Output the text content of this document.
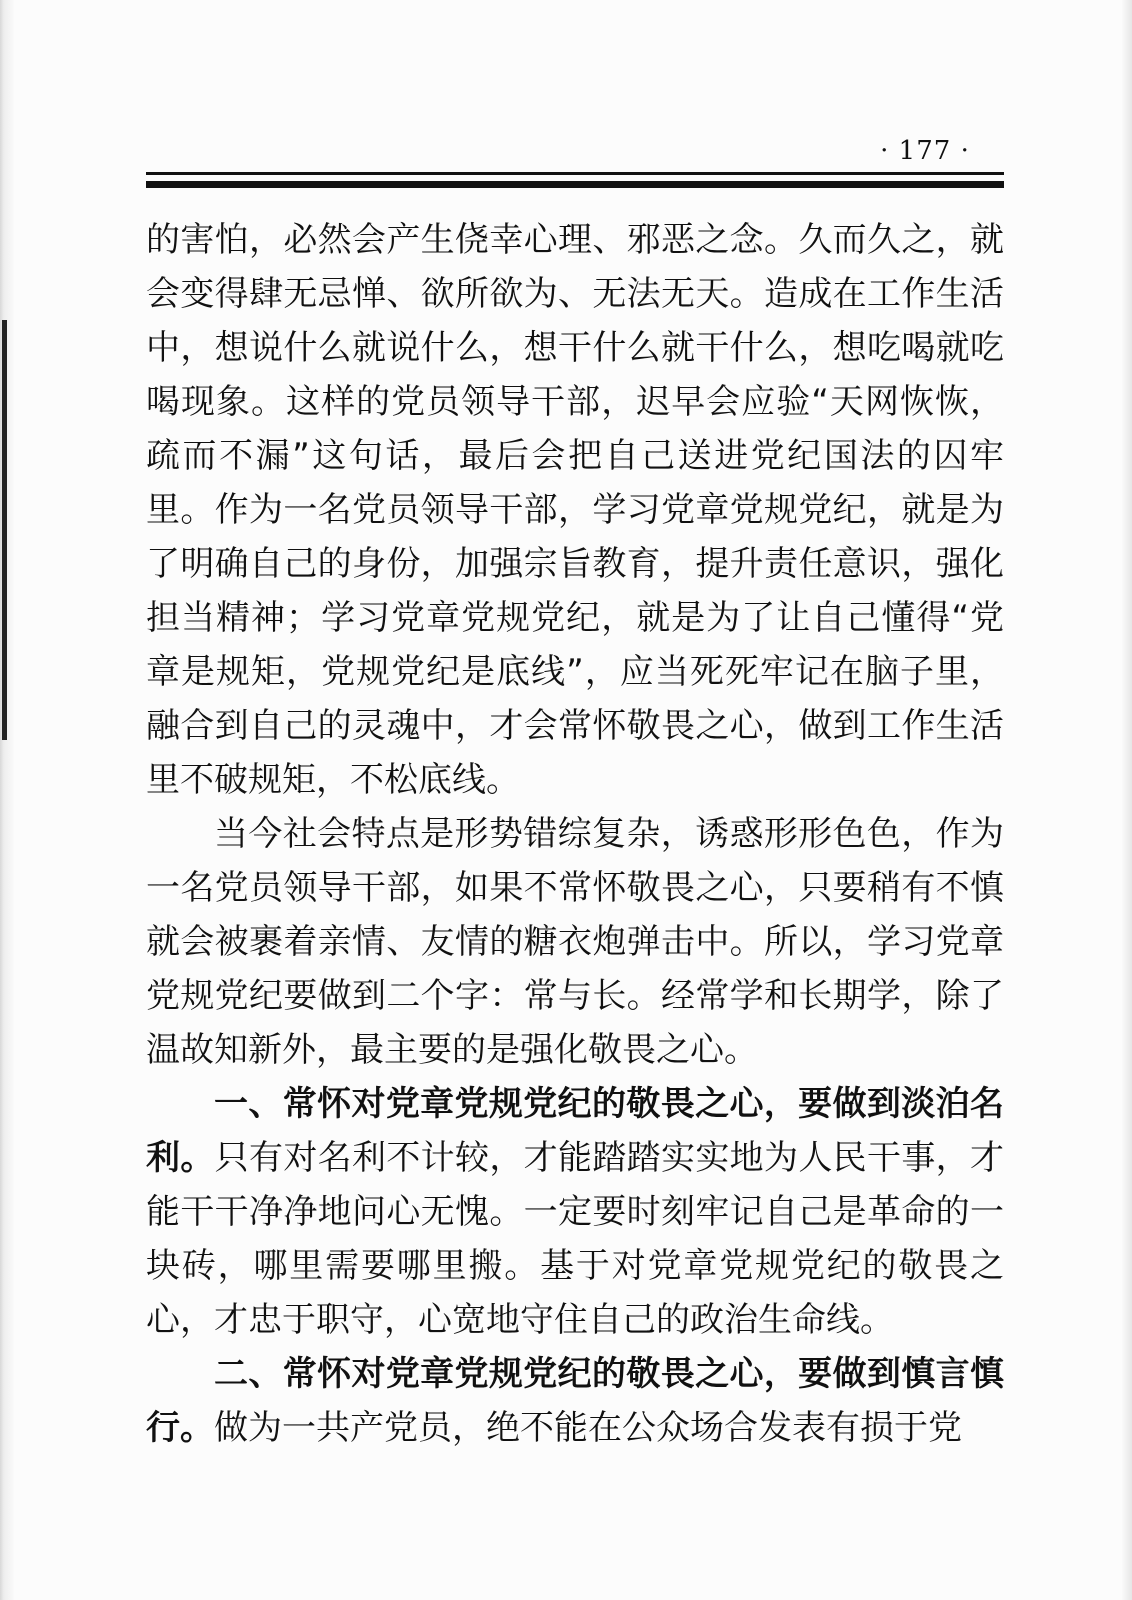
· 177 ·

的害怕，必然会产生侥幸心理、邪恶之念。久而久之，就会变得肆无忌惮、欲所欲为、无法无天。造成在工作生活中，想说什么就说什么，想干什么就干什么，想吃喝就吃喝现象。这样的党员领导干部，迟早会应验“天网恢恢，疏而不漏”这句话，最后会把自己送进党纪国法的囚牢里。作为一名党员领导干部，学习党章党规党纪，就是为了明确自己的身份，加强宗旨教育，提升责任意识，强化担当精神；学习党章党规党纪，就是为了让自己懂得“党章是规矩，党规党纪是底线”，应当死死牢记在脑子里，融合到自己的灵魂中，才会常怀敬畏之心，做到工作生活里不破规矩，不松底线。

当今社会特点是形势错综复杂，诱惑形形色色，作为一名党员领导干部，如果不常怀敬畏之心，只要稍有不慎就会被裹着亲情、友情的糖衣炮弹击中。所以，学习党章党规党纪要做到二个字：常与长。经常学和长期学，除了温故知新外，最主要的是强化敬畏之心。

一、常怀对党章党规党纪的敬畏之心，要做到淡泊名利。只有对名利不计较，才能踏踏实实地为人民干事，才能干干净净地问心无愧。一定要时刻牢记自己是革命的一块砖，哪里需要哪里搬。基于对党章党规党纪的敬畏之心，才忠于职守，心宽地守住自己的政治生命线。

二、常怀对党章党规党纪的敬畏之心，要做到慎言慎行。做为一共产党员，绝不能在公众场合发表有损于党
